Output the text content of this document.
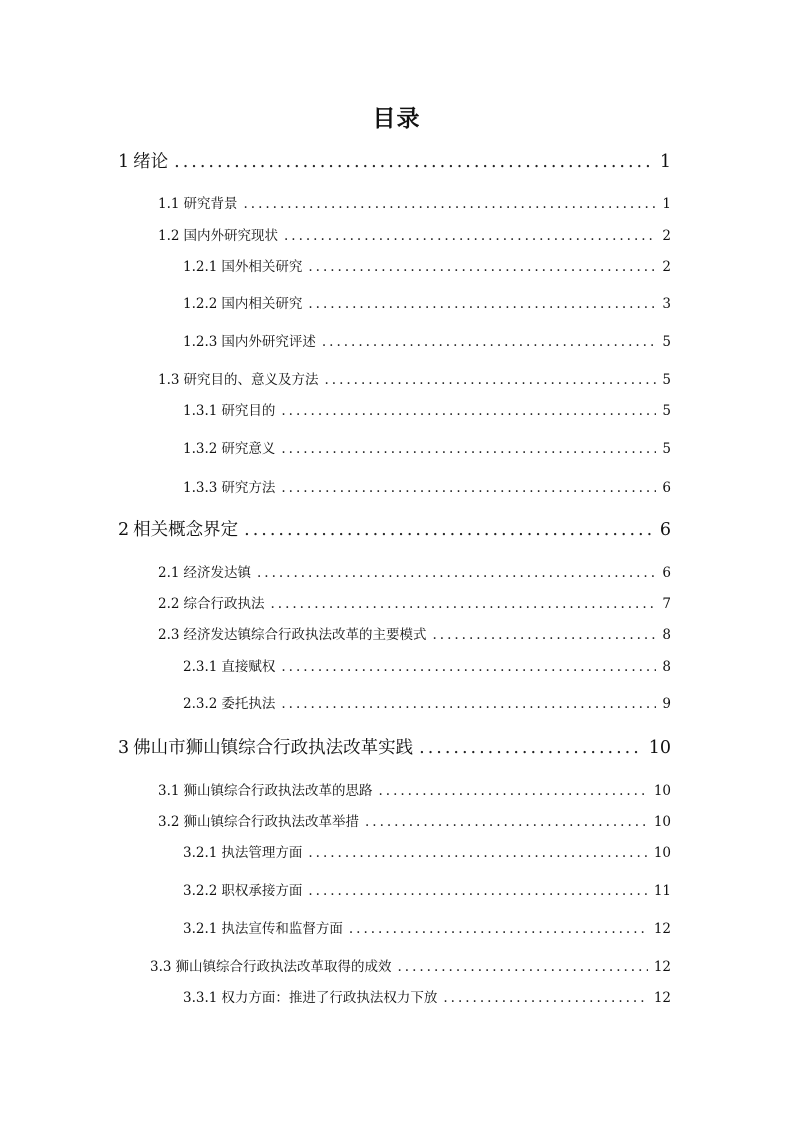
目录
1 绪论 .....	1
1.1 研究背景 .....	1
1.2 国内外研究现状 .....	2
1.2.1 国外相关研究 .....	2
1.2.2 国内相关研究 .....	3
1.2.3 国内外研究评述 .....	5
1.3 研究目的、意义及方法 .....	5
1.3.1 研究目的 .....	5
1.3.2 研究意义 .....	5
1.3.3 研究方法 .....	6
2 相关概念界定 .....	6
2.1 经济发达镇 .....	6
2.2 综合行政执法 .....	7
2.3 经济发达镇综合行政执法改革的主要模式 .....	8
2.3.1 直接赋权 .....	8
2.3.2 委托执法 .....	9
3 佛山市狮山镇综合行政执法改革实践 .....	10
3.1 狮山镇综合行政执法改革的思路 .....	10
3.2 狮山镇综合行政执法改革举措 .....	10
3.2.1 执法管理方面 .....	10
3.2.2 职权承接方面 .....	11
3.2.1 执法宣传和监督方面 .....	12
3.3 狮山镇综合行政执法改革取得的成效 .....	12
3.3.1 权力方面：推进了行政执法权力下放 .....	12
